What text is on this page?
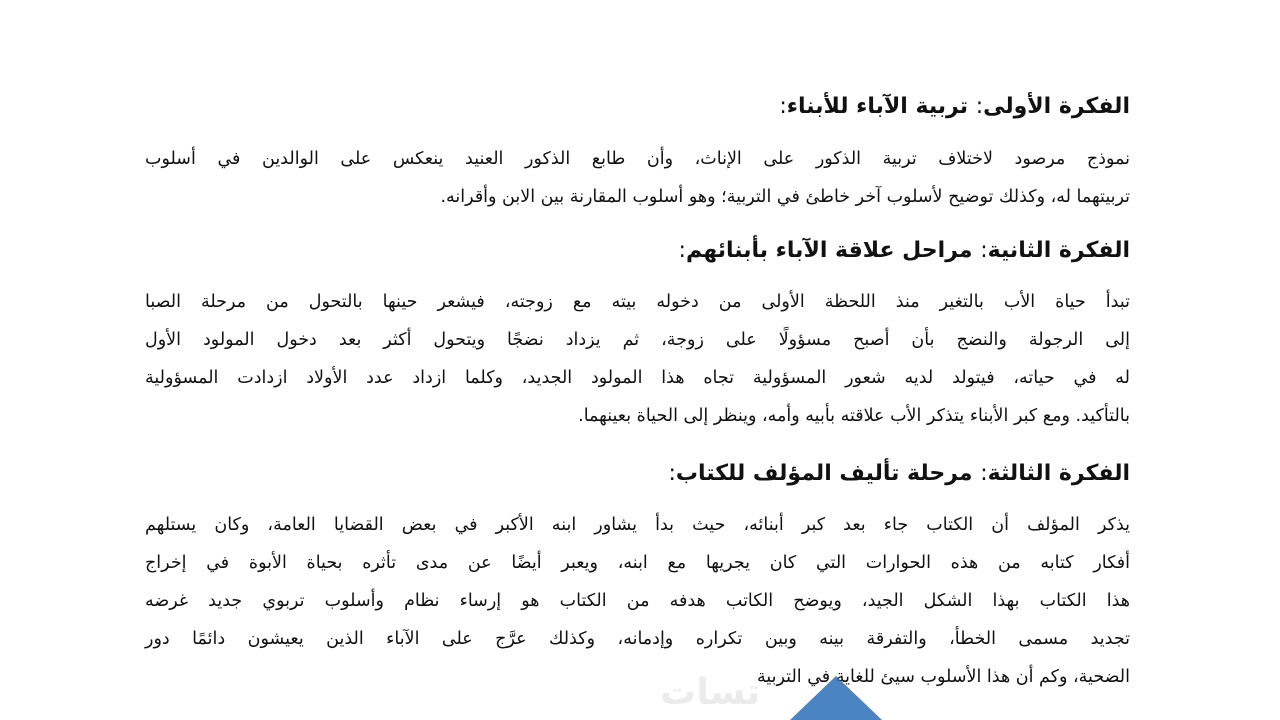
الفكرة الأولى: تربية الآباء للأبناء:
نموذج مرصود لاختلاف تربية الذكور على الإناث، وأن طابع الذكور العنيد ينعكس على الوالدين في أسلوب
تربيتهما له، وكذلك توضيح لأسلوب آخر خاطئ في التربية؛ وهو أسلوب المقارنة بين الابن وأقرانه.
الفكرة الثانية: مراحل علاقة الآباء بأبنائهم:
تبدأ حياة الأب بالتغير منذ اللحظة الأولى من دخوله بيته مع زوجته، فيشعر حينها بالتحول من مرحلة الصبا
إلى الرجولة والنضج بأن أصبح مسؤولًا على زوجة، ثم يزداد نضجًا ويتحول أكثر بعد دخول المولود الأول
له في حياته، فيتولد لديه شعور المسؤولية تجاه هذا المولود الجديد، وكلما ازداد عدد الأولاد ازدادت المسؤولية
بالتأكيد. ومع كبر الأبناء يتذكر الأب علاقته بأبيه وأمه، وينظر إلى الحياة بعينهما.
الفكرة الثالثة: مرحلة تأليف المؤلف للكتاب:
يذكر المؤلف أن الكتاب جاء بعد كبر أبنائه، حيث بدأ يشاور ابنه الأكبر في بعض القضايا العامة، وكان يستلهم
أفكار كتابه من هذه الحوارات التي كان يجريها مع ابنه، ويعبر أيضًا عن مدى تأثره بحياة الأبوة في إخراج
هذا الكتاب بهذا الشكل الجيد، ويوضح الكاتب هدفه من الكتاب هو إرساء نظام وأسلوب تربوي جديد غرضه
تجديد مسمى الخطأ، والتفرقة بينه وبين تكراره وإدمانه، وكذلك عرَّج على الآباء الذين يعيشون دائمًا دور
الضحية، وكم أن هذا الأسلوب سيئ للغاية في التربية
تسات
